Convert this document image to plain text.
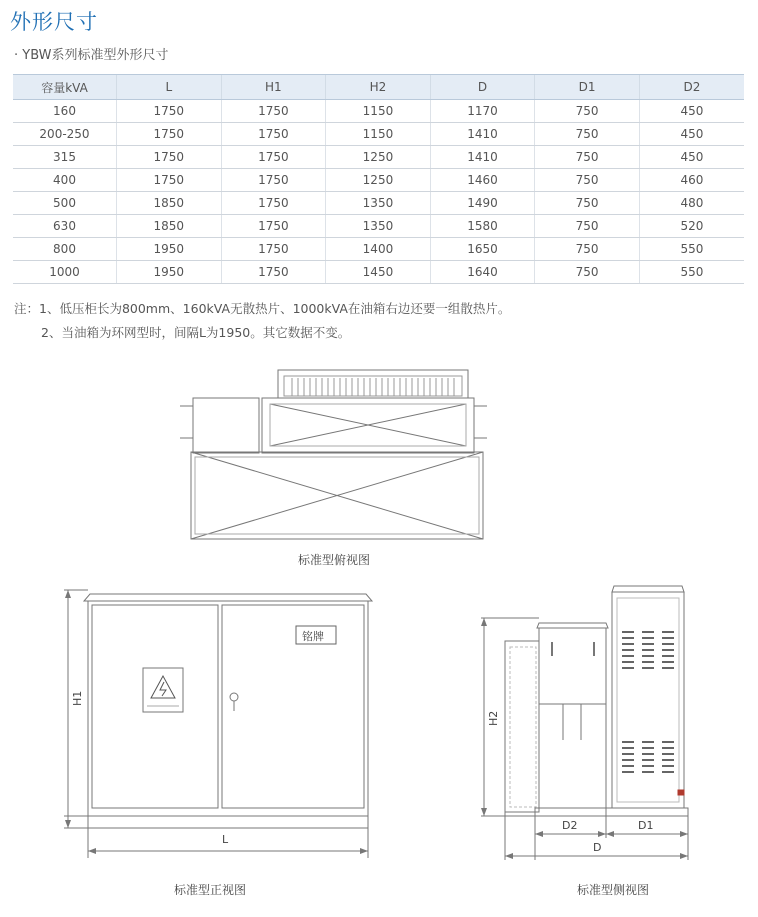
外形尺寸
· YBW系列标准型外形尺寸
容量kVA	L	H1	H2	D	D1	D2
160	1750	1750	1150	1170	750	450
200-250	1750	1750	1150	1410	750	450
315	1750	1750	1250	1410	750	450
400	1750	1750	1250	1460	750	460
500	1850	1750	1350	1490	750	480
630	1850	1750	1350	1580	750	520
800	1950	1750	1400	1650	750	550
1000	1950	1750	1450	1640	750	550
注：1、低压柜长为800mm、160kVA无散热片、1000kVA在油箱右边还要一组散热片。
2、当油箱为环网型时，间隔L为1950。其它数据不变。
标准型俯视图
标准型正视图	标准型侧视图
铭牌
H1
L
H2
D2	D1
D
